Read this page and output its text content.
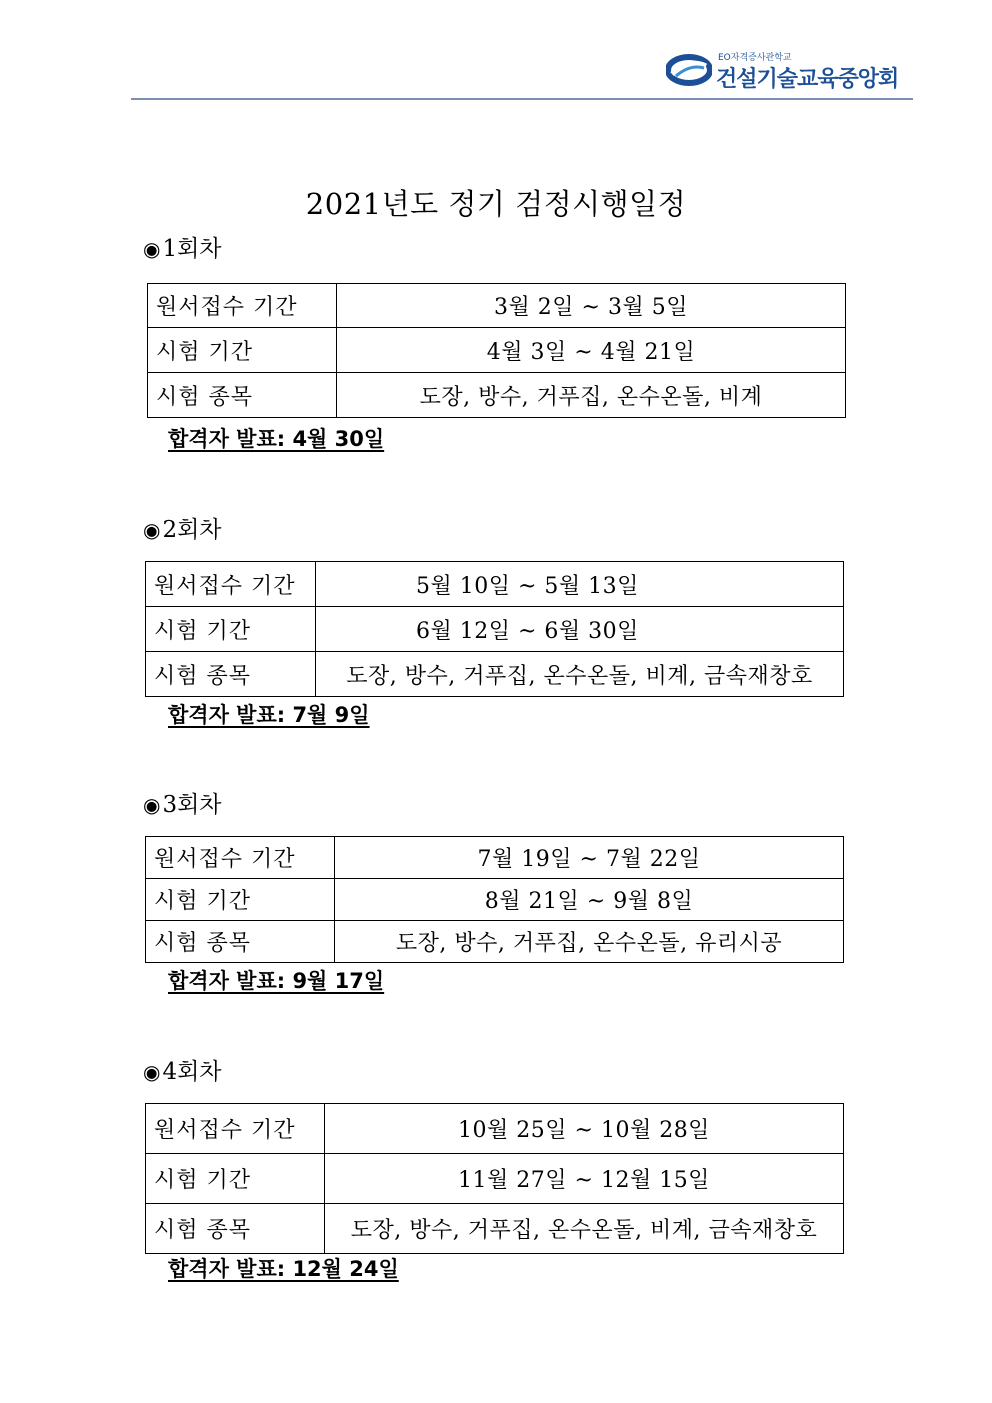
EO자격증사관학교
건설기술교육중앙회
2021년도 정기 검정시행일정
◉1회차
원서접수 기간	3월 2일 ~ 3월 5일
시험 기간	4월 3일 ~ 4월 21일
시험 종목	도장, 방수, 거푸집, 온수온돌, 비계
합격자 발표: 4월 30일
◉2회차
원서접수 기간	5월 10일 ~ 5월 13일
시험 기간	6월 12일 ~ 6월 30일
시험 종목	도장, 방수, 거푸집, 온수온돌, 비계, 금속재창호
합격자 발표: 7월 9일
◉3회차
원서접수 기간	7월 19일 ~ 7월 22일
시험 기간	8월 21일 ~ 9월 8일
시험 종목	도장, 방수, 거푸집, 온수온돌, 유리시공
합격자 발표: 9월 17일
◉4회차
원서접수 기간	10월 25일 ~ 10월 28일
시험 기간	11월 27일 ~ 12월 15일
시험 종목	도장, 방수, 거푸집, 온수온돌, 비계, 금속재창호
합격자 발표: 12월 24일
